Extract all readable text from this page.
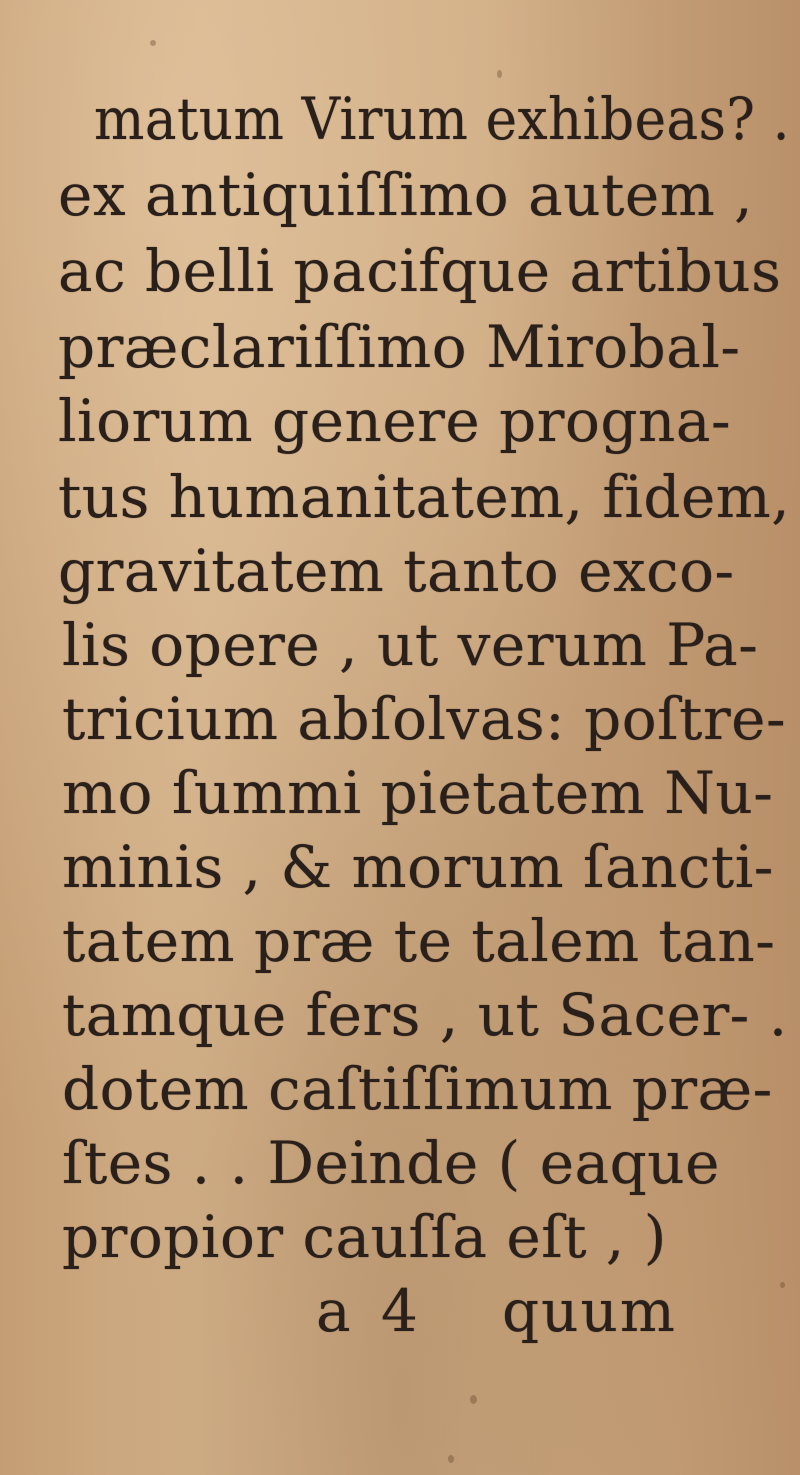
matum Virum exhibeas? .
ex antiquiſſimo autem ,
ac belli pacifque artibus
præclariſſimo Mirobal-
liorum genere progna-
tus humanitatem, fidem,
gravitatem tanto exco-
lis opere , ut verum Pa-
tricium abſolvas: poſtre-
mo ſummi pietatem Nu-
minis , & morum ſancti-
tatem præ te talem tan-
tamque fers , ut Sacer- .
dotem caſtiſſimum præ-
ſtes . . Deinde ( eaque
propior cauſſa eſt , )
a 4 quum
